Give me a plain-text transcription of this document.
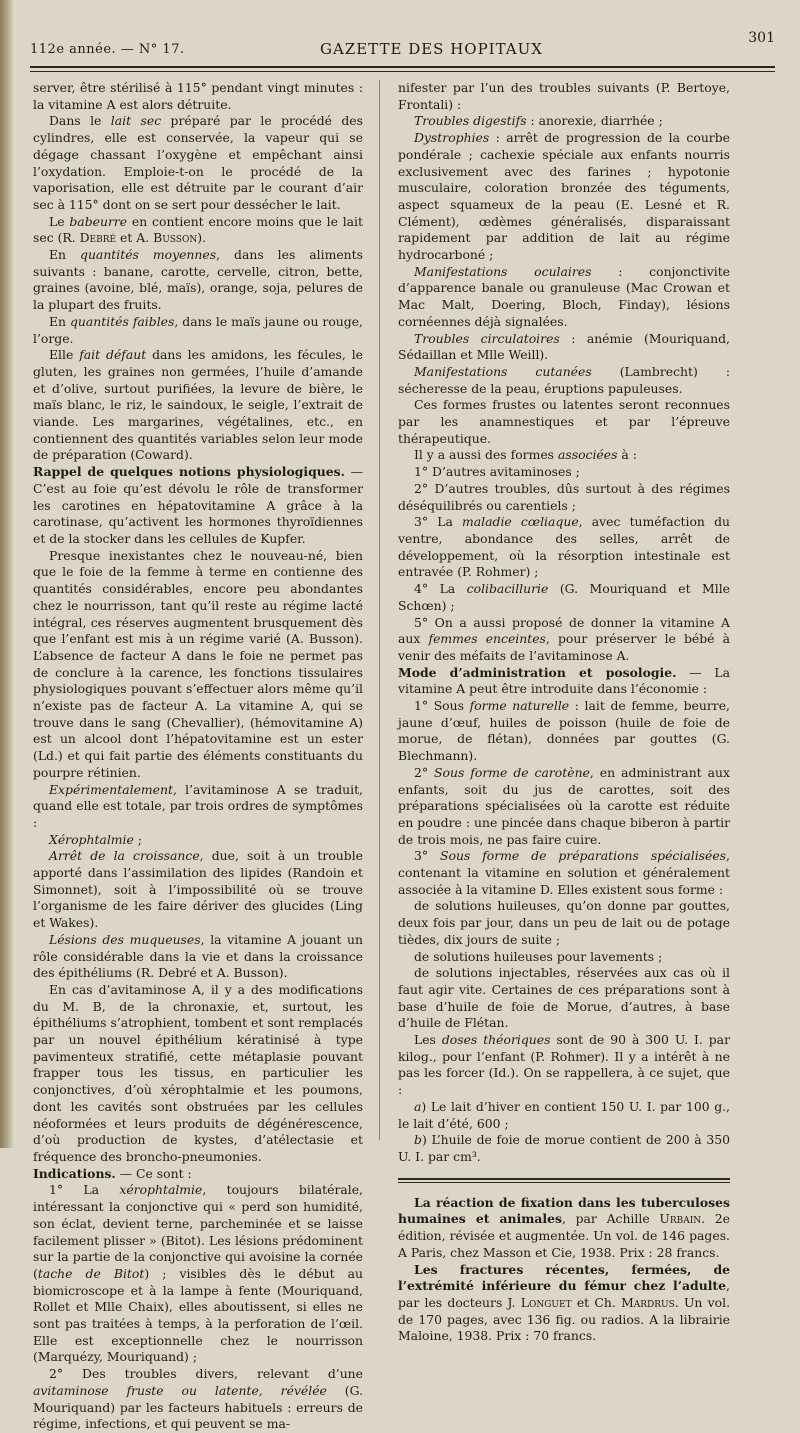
112e année. — N° 17.	GAZETTE DES HOPITAUX
301

server, être stérilisé à 115° pendant vingt minutes : la vitamine A est alors détruite.

Dans le lait sec préparé par le procédé des cylindres, elle est conservée, la vapeur qui se dégage chassant l’oxygène et empêchant ainsi l’oxydation. Emploie-t-on le procédé de la vaporisation, elle est détruite par le courant d’air sec à 115° dont on se sert pour dessécher le lait.

Le babeurre en contient encore moins que le lait sec (R. Debré et A. Busson).

En quantités moyennes, dans les aliments suivants : banane, carotte, cervelle, citron, bette, graines (avoine, blé, maïs), orange, soja, pelures de la plupart des fruits.

En quantités faibles, dans le maïs jaune ou rouge, l’orge.

Elle fait défaut dans les amidons, les fécules, le gluten, les graines non germées, l’huile d’amande et d’olive, surtout purifiées, la levure de bière, le maïs blanc, le riz, le saindoux, le seigle, l’extrait de viande. Les margarines, végétalines, etc., en contiennent des quantités variables selon leur mode de préparation (Coward).

Rappel de quelques notions physiologiques. — C’est au foie qu’est dévolu le rôle de transformer les carotines en hépatovitamine A grâce à la carotinase, qu’activent les hormones thyroïdiennes et de la stocker dans les cellules de Kupfer.

Presque inexistantes chez le nouveau-né, bien que le foie de la femme à terme en contienne des quantités considérables, encore peu abondantes chez le nourrisson, tant qu’il reste au régime lacté intégral, ces réserves augmentent brusquement dès que l’enfant est mis à un régime varié (A. Busson). L’absence de facteur A dans le foie ne permet pas de conclure à la carence, les fonctions tissulaires physiologiques pouvant s’effectuer alors même qu’il n’existe pas de facteur A. La vitamine A, qui se trouve dans le sang (Chevallier), (hémovitamine A) est un alcool dont l’hépatovitamine est un ester (Ld.) et qui fait partie des éléments constituants du pourpre rétinien.

Expérimentalement, l’avitaminose A se traduit, quand elle est totale, par trois ordres de symptômes :

Xérophtalmie ;

Arrêt de la croissance, due, soit à un trouble apporté dans l’assimilation des lipides (Randoin et Simonnet), soit à l’impossibilité où se trouve l’organisme de les faire dériver des glucides (Ling et Wakes).

Lésions des muqueuses, la vitamine A jouant un rôle considérable dans la vie et dans la croissance des épithéliums (R. Debré et A. Busson).

En cas d’avitaminose A, il y a des modifications du M. B, de la chronaxie, et, surtout, les épithéliums s’atrophient, tombent et sont remplacés par un nouvel épithélium kératinisé à type pavimenteux stratifié, cette métaplasie pouvant frapper tous les tissus, en particulier les conjonctives, d’où xérophtalmie et les poumons, dont les cavités sont obstruées par les cellules néoformées et leurs produits de dégénérescence, d’où production de kystes, d’atélectasie et fréquence des broncho-pneumonies.

Indications. — Ce sont :

1° La xérophtalmie, toujours bilatérale, intéressant la conjonctive qui « perd son humidité, son éclat, devient terne, parcheminée et se laisse facilement plisser » (Bitot). Les lésions prédominent sur la partie de la conjonctive qui avoisine la cornée (tache de Bitot) ; visibles dès le début au biomicroscope et à la lampe à fente (Mouriquand, Rollet et Mlle Chaix), elles aboutissent, si elles ne sont pas traitées à temps, à la perforation de l’œil. Elle est exceptionnelle chez le nourrisson (Marquézy, Mouriquand) ;

2° Des troubles divers, relevant d’une avitaminose fruste ou latente, révélée (G. Mouriquand) par les facteurs habituels : erreurs de régime, infections, et qui peuvent se ma-

nifester par l’un des troubles suivants (P. Bertoye, Frontali) :

Troubles digestifs : anorexie, diarrhée ;

Dystrophies : arrêt de progression de la courbe pondérale ; cachexie spéciale aux enfants nourris exclusivement avec des farines ; hypotonie musculaire, coloration bronzée des téguments, aspect squameux de la peau (E. Lesné et R. Clément), œdèmes généralisés, disparaissant rapidement par addition de lait au régime hydrocarboné ;

Manifestations oculaires : conjonctivite d’apparence banale ou granuleuse (Mac Crowan et Mac Malt, Doering, Bloch, Finday), lésions cornéennes déjà signalées.

Troubles circulatoires : anémie (Mouriquand, Sédaillan et Mlle Weill).

Manifestations cutanées (Lambrecht) : sécheresse de la peau, éruptions papuleuses.

Ces formes frustes ou latentes seront reconnues par les anamnestiques et par l’épreuve thérapeutique.

Il y a aussi des formes associées à :

1° D’autres avitaminoses ;

2° D’autres troubles, dûs surtout à des régimes déséquilibrés ou carentiels ;

3° La maladie cœliaque, avec tuméfaction du ventre, abondance des selles, arrêt de développement, où la résorption intestinale est entravée (P. Rohmer) ;

4° La colibacillurie (G. Mouriquand et Mlle Schœn) ;

5° On a aussi proposé de donner la vitamine A aux femmes enceintes, pour préserver le bébé à venir des méfaits de l’avitaminose A.

Mode d’administration et posologie. — La vitamine A peut être introduite dans l’économie :

1° Sous forme naturelle : lait de femme, beurre, jaune d’œuf, huiles de poisson (huile de foie de morue, de flétan), données par gouttes (G. Blechmann).

2° Sous forme de carotène, en administrant aux enfants, soit du jus de carottes, soit des préparations spécialisées où la carotte est réduite en poudre : une pincée dans chaque biberon à partir de trois mois, ne pas faire cuire.

3° Sous forme de préparations spécialisées, contenant la vitamine en solution et généralement associée à la vitamine D. Elles existent sous forme :

de solutions huileuses, qu’on donne par gouttes, deux fois par jour, dans un peu de lait ou de potage tièdes, dix jours de suite ;

de solutions huileuses pour lavements ;

de solutions injectables, réservées aux cas où il faut agir vite. Certaines de ces préparations sont à base d’huile de foie de Morue, d’autres, à base d’huile de Flétan.

Les doses théoriques sont de 90 à 300 U. I. par kilog., pour l’enfant (P. Rohmer). Il y a intérêt à ne pas les forcer (Id.). On se rappellera, à ce sujet, que :

a) Le lait d’hiver en contient 150 U. I. par 100 g., le lait d’été, 600 ;

b) L’huile de foie de morue contient de 200 à 350 U. I. par cm³.

La réaction de fixation dans les tuberculoses humaines et animales, par Achille Urbain. 2e édition, révisée et augmentée. Un vol. de 146 pages. A Paris, chez Masson et Cie, 1938. Prix : 28 francs.

Les fractures récentes, fermées, de l’extrémité inférieure du fémur chez l’adulte, par les docteurs J. Longuet et Ch. Mardrus. Un vol. de 170 pages, avec 136 fig. ou radios. A la librairie Maloine, 1938. Prix : 70 francs.
